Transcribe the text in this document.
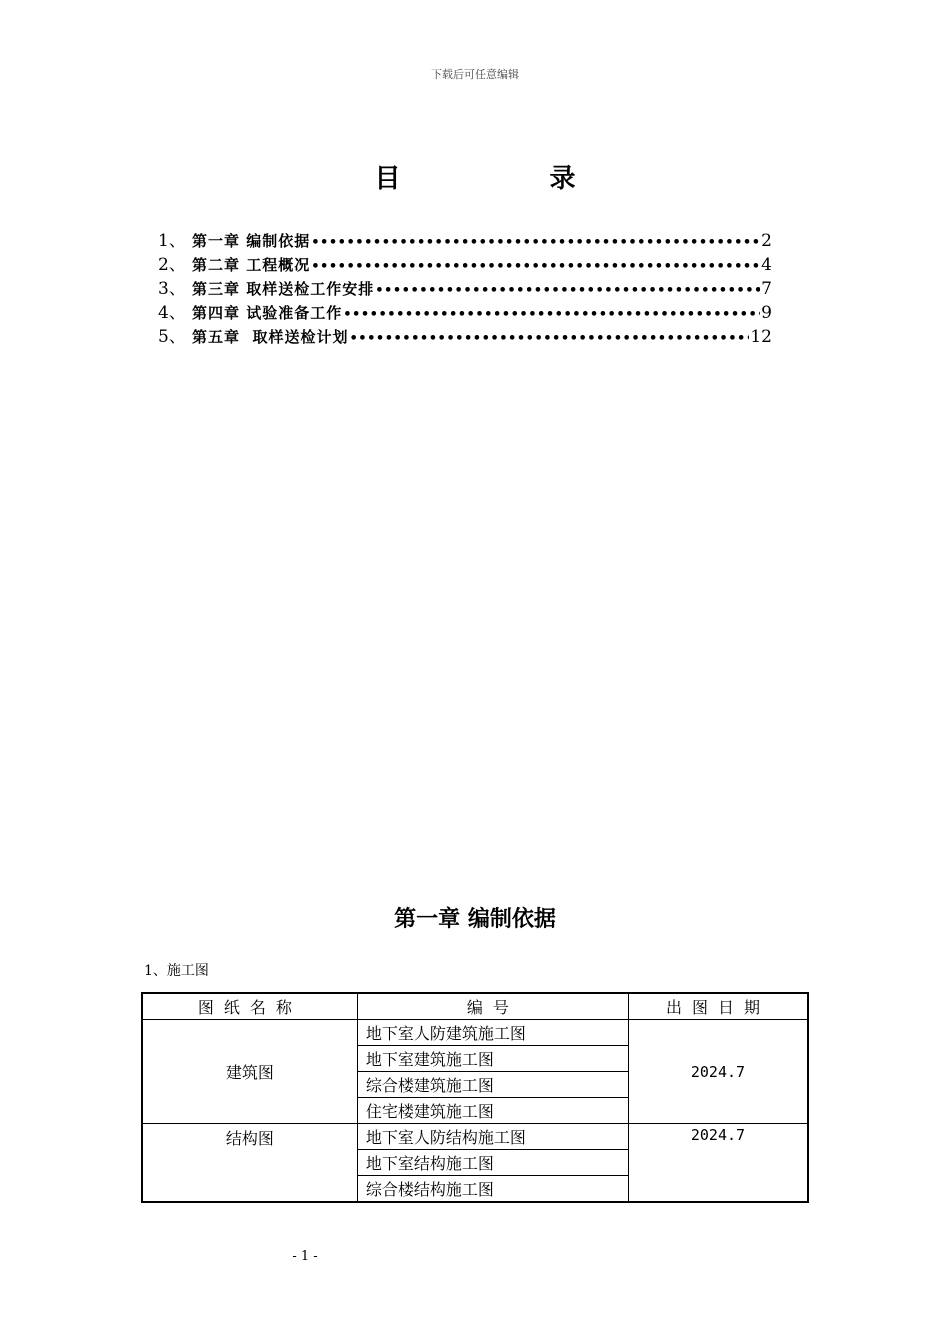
下载后可任意编辑
目 录
1、 第一章 编制依据 •••••	2
2、 第二章 工程概况 •••••	4
3、 第三章 取样送检工作安排 •••••	7
4、 第四章 试验准备工作 •••••	9
5、 第五章  取样送检计划 •••••	12
第一章 编制依据
1、施工图
图纸名称	编号	出图日期
建筑图	地下室人防建筑施工图	2024.7
	地下室建筑施工图	
	综合楼建筑施工图	
	住宅楼建筑施工图	
结构图	地下室人防结构施工图	2024.7
	地下室结构施工图	
	综合楼结构施工图	
- 1 -
